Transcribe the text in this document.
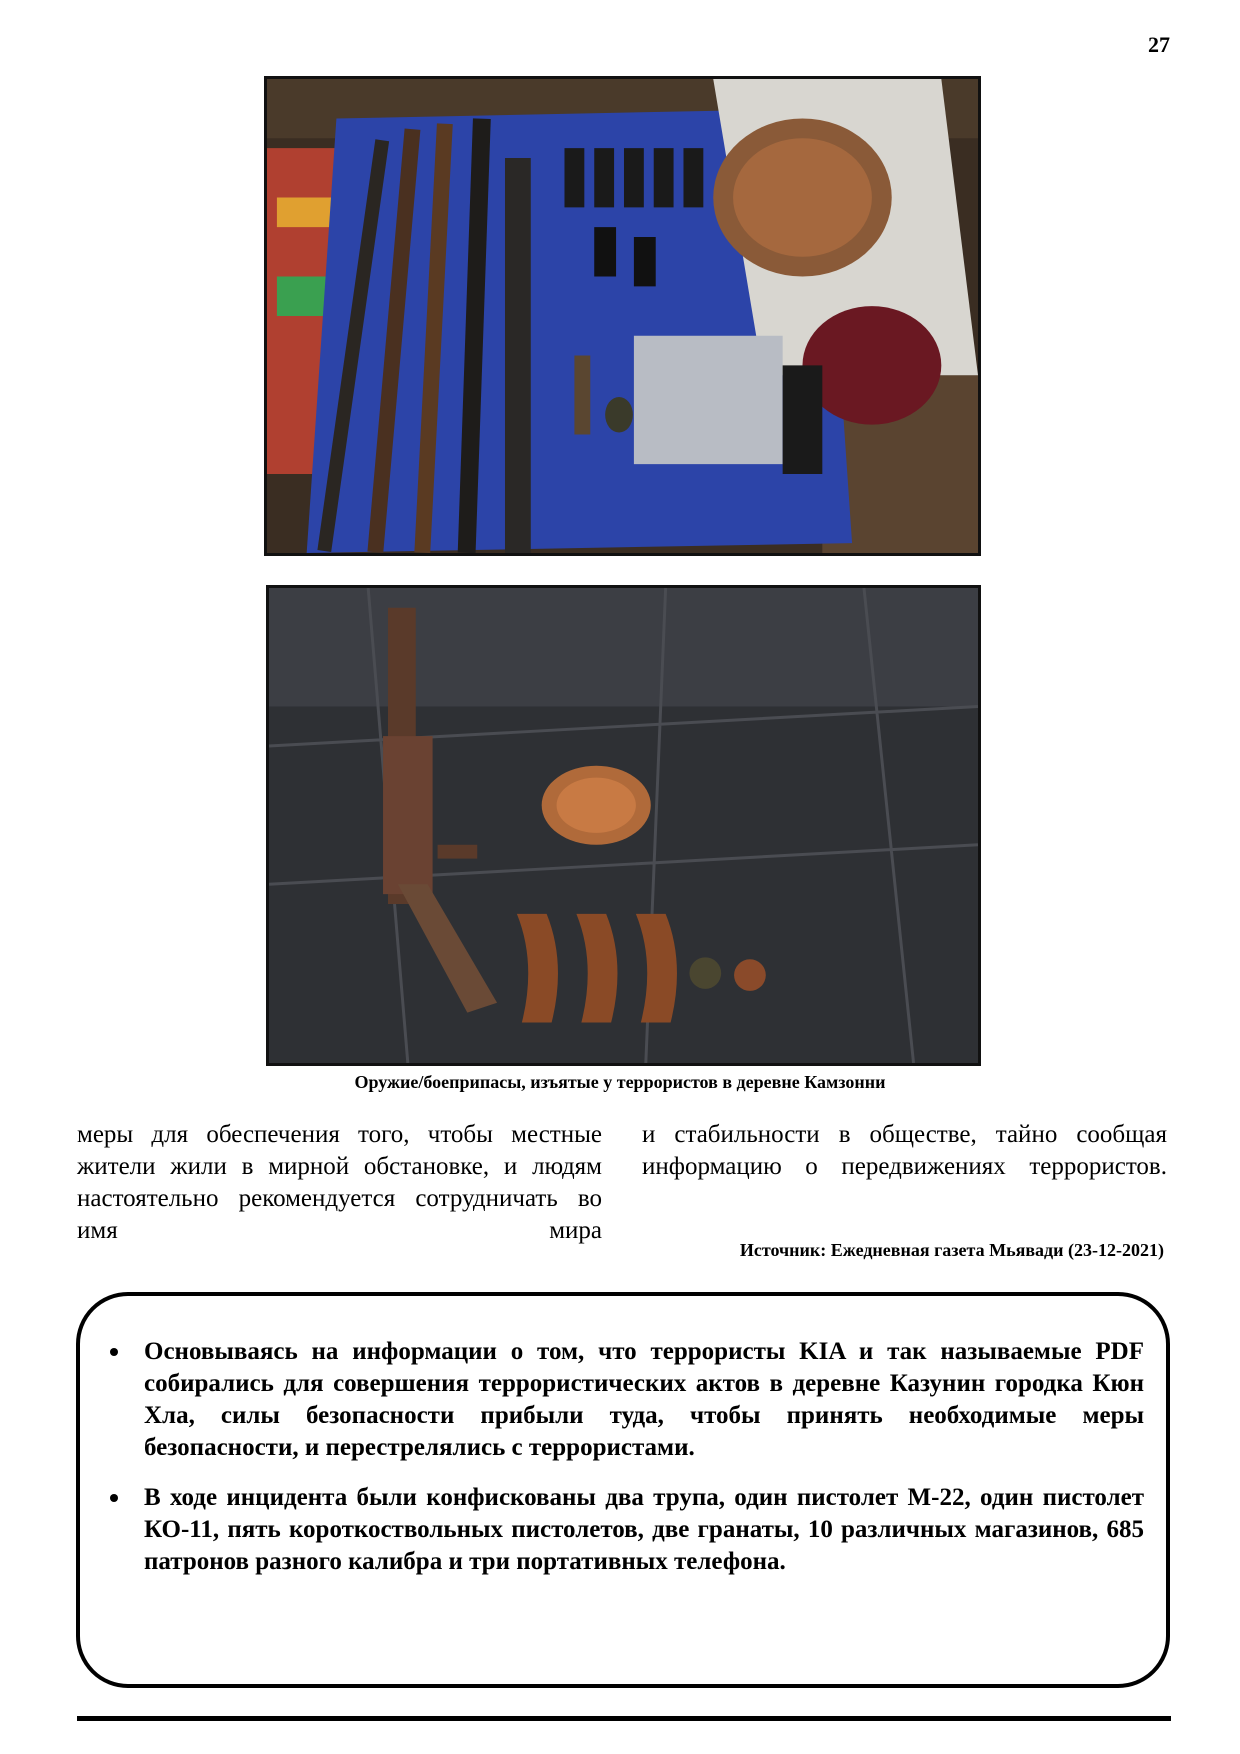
27
Оружие/боеприпасы, изъятые у террористов в деревне Камзонни
меры для обеспечения того, чтобы местные жители жили в мирной обстановке, и людям настоятельно рекомендуется сотрудничать во имя мира
и стабильности в обществе, тайно сообщая информацию о передвижениях террористов.
Источник: Ежедневная газета Мьявади (23-12-2021)
Основываясь на информации о том, что террористы KIA и так называемые PDF собирались для совершения террористических актов в деревне Казунин городка Кюн Хла, силы безопасности прибыли туда, чтобы принять необходимые меры безопасности, и перестрелялись с террористами.
В ходе инцидента были конфискованы два трупа, один пистолет M-22, один пистолет КО-11, пять короткоствольных пистолетов, две гранаты, 10 различных магазинов, 685 патронов разного калибра и три портативных телефона.
